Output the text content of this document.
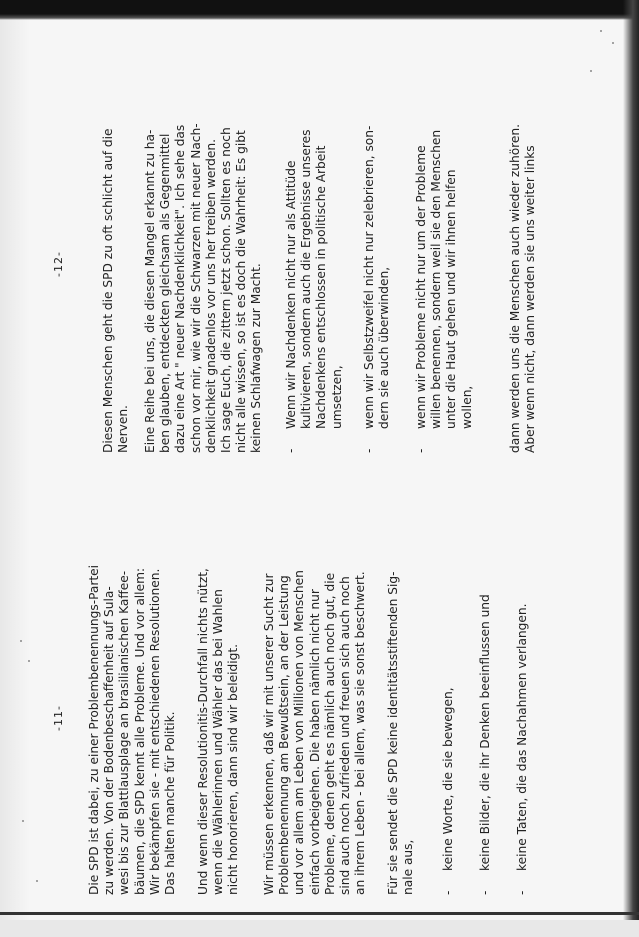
-11-

Die SPD ist dabei, zu einer Problembenennungs-Partei
zu werden. Von der Bodenbeschaffenheit auf Sula-
wesi bis zur Blattlausplage an brasilianischen Kaffee-
bäumen, die SPD kennt alle Probleme. Und vor allem:
Wir bekämpfen sie - mit entschiedenen Resolutionen.
Das halten manche für Politik.

Und wenn dieser Resolutionitis-Durchfall nichts nützt,
wenn die Wählerinnen und Wähler das bei Wahlen
nicht honorieren, dann sind wir beleidigt.

Wir müssen erkennen, daß wir mit unserer Sucht zur
Problembenennung am Bewußtsein, an der Leistung
und vor allem am Leben von Millionen von Menschen
einfach vorbeigehen. Die haben nämlich nicht nur
Probleme, denen geht es nämlich auch noch gut, die
sind auch noch zufrieden und freuen sich auch noch
an ihrem Leben - bei allem, was sie sonst beschwert.

Für sie sendet die SPD keine identitätsstiftenden Sig-
nale aus,

-

keine Worte, die sie bewegen,

-

keine Bilder, die ihr Denken beeinflussen und

-

keine Taten, die das Nachahmen verlangen.

-12-

Diesen Menschen geht die SPD zu oft schlicht auf die
Nerven. Eine Reihe bei uns, die diesen Mangel erkannt zu ha-
ben glauben, entdeckten gleichsam als Gegenmittel
dazu eine Art " neuer Nachdenklichkeit". Ich sehe das
schon vor mir, wie wir die Schwarzen mit neuer Nach-
denklichkeit gnadenlos vor uns her treiben werden.
Ich sage Euch, die zittern jetzt schon. Sollten es noch
nicht alle wissen, so ist es doch die Wahrheit: Es gibt
keinen Schlafwagen zur Macht.

-

Wenn wir Nachdenken nicht nur als Attitüde
kultivieren, sondern auch die Ergebnisse unseres
Nachdenkens entschlossen in politische Arbeit
umsetzen,

-

wenn wir Selbstzweifel nicht nur zelebrieren, son-
dern sie auch überwinden,

-

wenn wir Probleme nicht nur um der Probleme
willen benennen, sondern weil sie den Menschen
unter die Haut gehen und wir ihnen helfen
wollen,

dann werden uns die Menschen auch wieder zuhören.
Aber wenn nicht, dann werden sie uns weiter links
